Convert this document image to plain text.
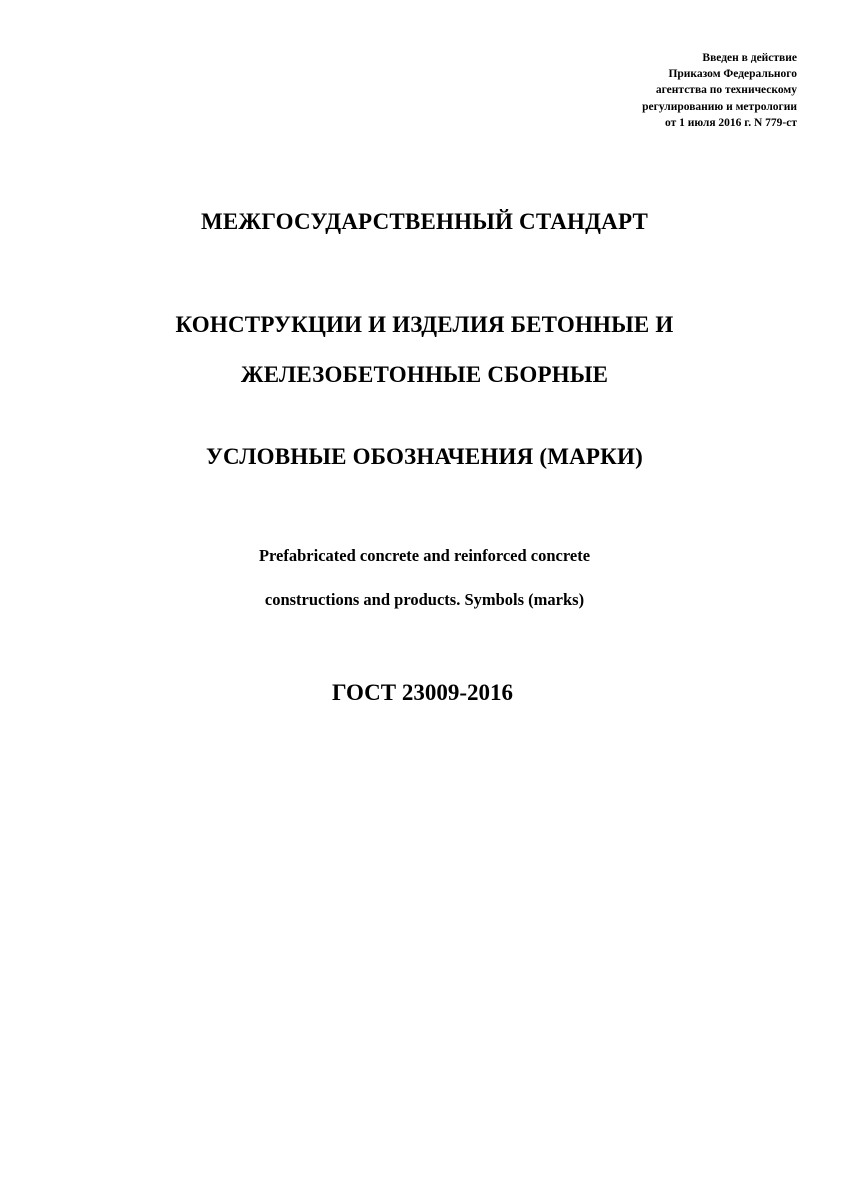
Введен в действие
Приказом Федерального
агентства по техническому
регулированию и метрологии
от 1 июля 2016 г. N 779-ст
МЕЖГОСУДАРСТВЕННЫЙ СТАНДАРТ
КОНСТРУКЦИИ И ИЗДЕЛИЯ БЕТОННЫЕ И
ЖЕЛЕЗОБЕТОННЫЕ СБОРНЫЕ
УСЛОВНЫЕ ОБОЗНАЧЕНИЯ (МАРКИ)
Prefabricated concrete and reinforced concrete
constructions and products. Symbols (marks)
ГОСТ 23009-2016
